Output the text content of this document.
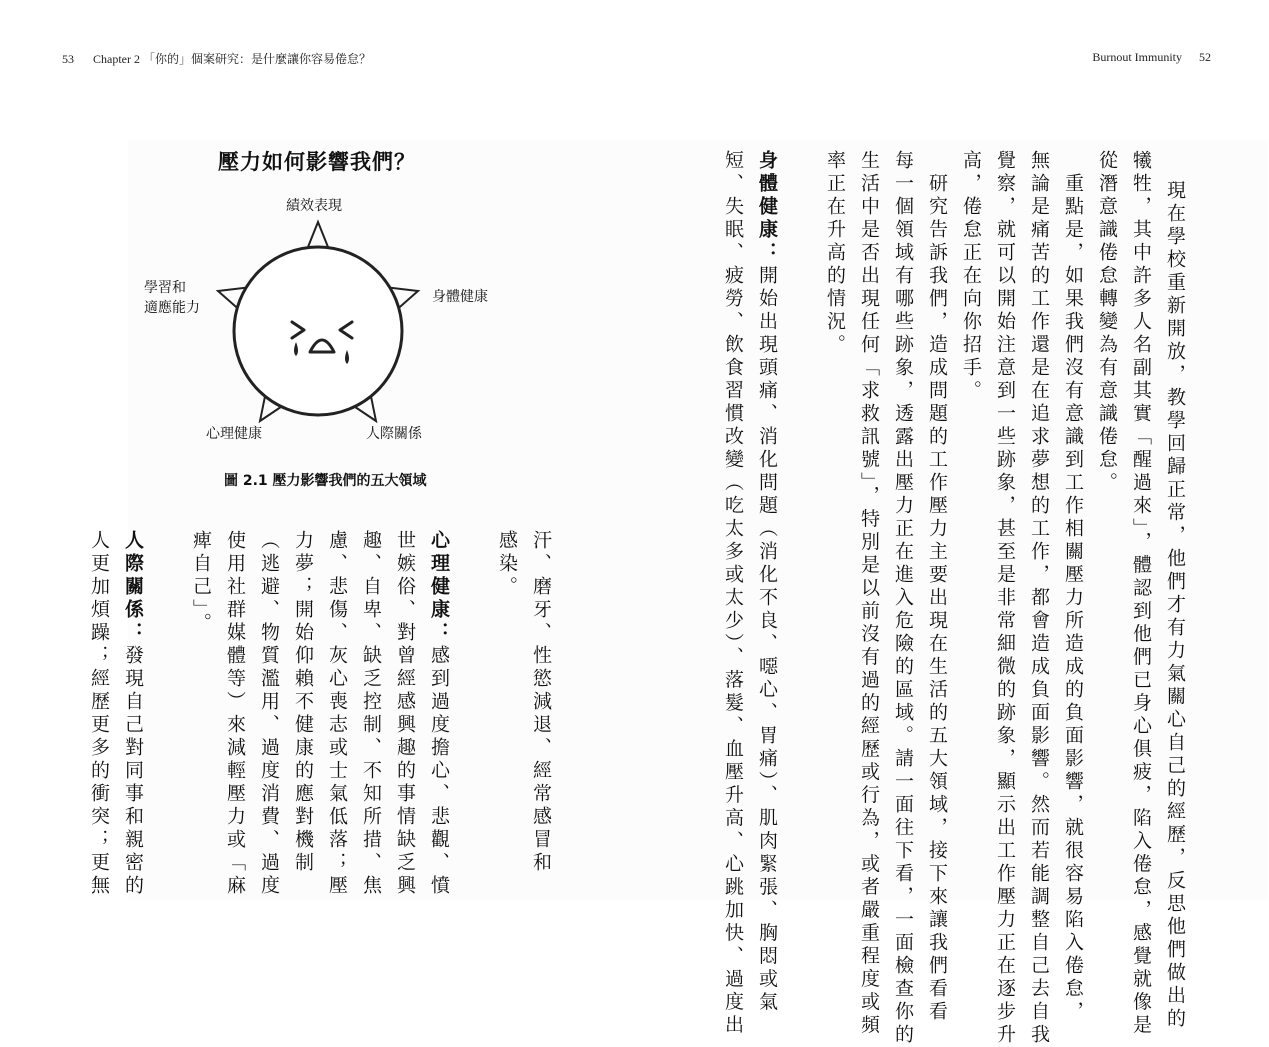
53 Chapter 2 「你的」個案研究：是什麼讓你容易倦怠？	Burnout Immunity 52
壓力如何影響我們？
績效表現
學習和
適應能力
身體健康
心理健康	人際關係
圖 2.1 壓力影響我們的五大領域	現在學校重新開放，教學回歸正常，他們才有力氣關心自己的經歷，反思他們做出的
犧牲，其中許多人名副其實「醒過來」，體認到他們已身心俱疲，陷入倦怠，感覺就像是
從潛意識倦怠轉變為有意識倦怠。
　重點是，如果我們沒有意識到工作相關壓力所造成的負面影響，就很容易陷入倦怠，
無論是痛苦的工作還是在追求夢想的工作，都會造成負面影響。然而若能調整自己去自我
覺察，就可以開始注意到一些跡象，甚至是非常細微的跡象，顯示出工作壓力正在逐步升
高，倦怠正在向你招手。
　研究告訴我們，造成問題的工作壓力主要出現在生活的五大領域，接下來讓我們看看
每一個領域有哪些跡象，透露出壓力正在進入危險的區域。請一面往下看，一面檢查你的
生活中是否出現任何「求救訊號」，特別是以前沒有過的經歷或行為，或者嚴重程度或頻
率正在升高的情況。
身體健康：開始出現頭痛、消化問題（消化不良、噁心、胃痛）、肌肉緊張、胸悶或氣
短、失眠、疲勞、飲食習慣改變（吃太多或太少）、落髮、血壓升高、心跳加快、過度出
汗、磨牙、性慾減退、經常感冒和
感染。
心理健康：感到過度擔心、悲觀、憤
世嫉俗、對曾經感興趣的事情缺乏興
趣、自卑、缺乏控制、不知所措、焦
慮、悲傷、灰心喪志或士氣低落；壓
力夢；開始仰賴不健康的應對機制
（逃避、物質濫用、過度消費、過度
使用社群媒體等）來減輕壓力或「麻
痺自己」。
人際關係：發現自己對同事和親密的
人更加煩躁；經歷更多的衝突；更無
